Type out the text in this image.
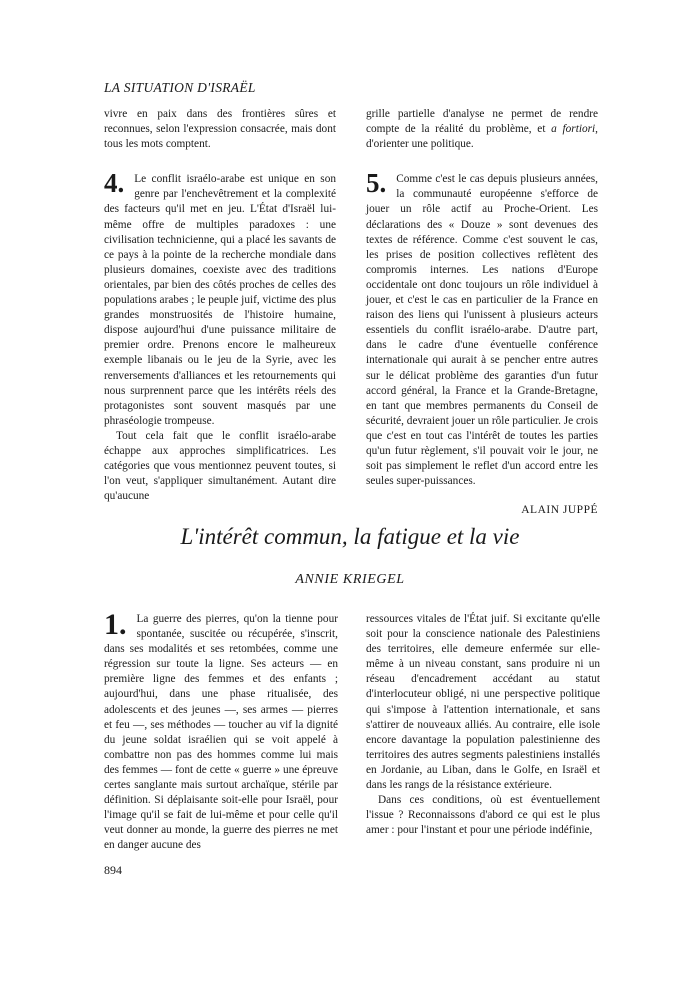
LA SITUATION D'ISRAËL

vivre en paix dans des frontières sûres et reconnues, selon l'expression consacrée, mais dont tous les mots comptent.

4. Le conflit israélo-arabe est unique en son genre par l'enchevêtrement et la complexité des facteurs qu'il met en jeu. L'État d'Israël lui-même offre de multiples paradoxes : une civilisation technicienne, qui a placé les savants de ce pays à la pointe de la recherche mondiale dans plusieurs domaines, coexiste avec des traditions orientales, par bien des côtés proches de celles des populations arabes ; le peuple juif, victime des plus grandes monstruosités de l'histoire humaine, dispose aujourd'hui d'une puissance militaire de premier ordre. Prenons encore le malheureux exemple libanais ou le jeu de la Syrie, avec les renversements d'alliances et les retournements qui nous surprennent parce que les intérêts réels des protagonistes sont souvent masqués par une phraséologie trompeuse.

Tout cela fait que le conflit israélo-arabe échappe aux approches simplificatrices. Les catégories que vous mentionnez peuvent toutes, si l'on veut, s'appliquer simultanément. Autant dire qu'aucune

grille partielle d'analyse ne permet de rendre compte de la réalité du problème, et a fortiori, d'orienter une politique.

5. Comme c'est le cas depuis plusieurs années, la communauté européenne s'efforce de jouer un rôle actif au Proche-Orient. Les déclarations des « Douze » sont devenues des textes de référence. Comme c'est souvent le cas, les prises de position collectives reflètent des compromis internes. Les nations d'Europe occidentale ont donc toujours un rôle individuel à jouer, et c'est le cas en particulier de la France en raison des liens qui l'unissent à plusieurs acteurs essentiels du conflit israélo-arabe. D'autre part, dans le cadre d'une éventuelle conférence internationale qui aurait à se pencher entre autres sur le délicat problème des garanties d'un futur accord général, la France et la Grande-Bretagne, en tant que membres permanents du Conseil de sécurité, devraient jouer un rôle particulier. Je crois que c'est en tout cas l'intérêt de toutes les parties qu'un futur règlement, s'il pouvait voir le jour, ne soit pas simplement le reflet d'un accord entre les seules super-puissances.

ALAIN JUPPÉ

L'intérêt commun, la fatigue et la vie
ANNIE KRIEGEL

1. La guerre des pierres, qu'on la tienne pour spontanée, suscitée ou récupérée, s'inscrit, dans ses modalités et ses retombées, comme une régression sur toute la ligne. Ses acteurs — en première ligne des femmes et des enfants ; aujourd'hui, dans une phase ritualisée, des adolescents et des jeunes —, ses armes — pierres et feu —, ses méthodes — toucher au vif la dignité du jeune soldat israélien qui se voit appelé à combattre non pas des hommes comme lui mais des femmes — font de cette « guerre » une épreuve certes sanglante mais surtout archaïque, stérile par définition. Si déplaisante soit-elle pour Israël, pour l'image qu'il se fait de lui-même et pour celle qu'il veut donner au monde, la guerre des pierres ne met en danger aucune des

ressources vitales de l'État juif. Si excitante qu'elle soit pour la conscience nationale des Palestiniens des territoires, elle demeure enfermée sur elle-même à un niveau constant, sans produire ni un réseau d'encadrement accédant au statut d'interlocuteur obligé, ni une perspective politique qui s'impose à l'attention internationale, et sans s'attirer de nouveaux alliés. Au contraire, elle isole encore davantage la population palestinienne des territoires des autres segments palestiniens installés en Jordanie, au Liban, dans le Golfe, en Israël et dans les rangs de la résistance extérieure.

Dans ces conditions, où est éventuellement l'issue ? Reconnaissons d'abord ce qui est le plus amer : pour l'instant et pour une période indéfinie,

894
